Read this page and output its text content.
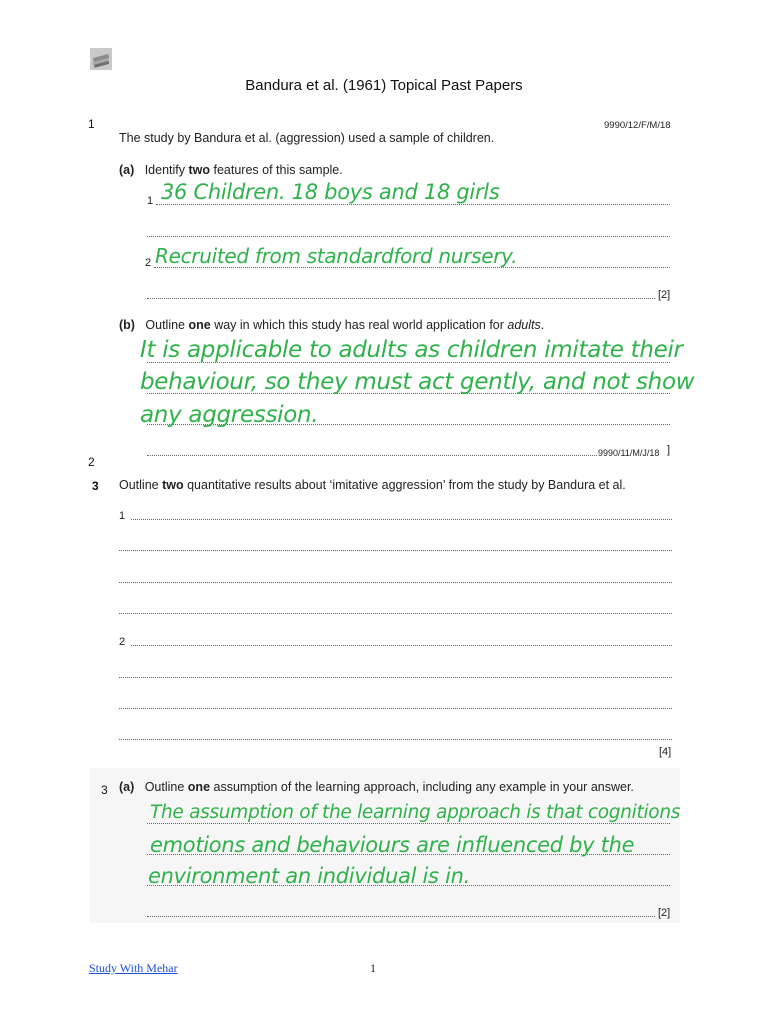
Bandura et al. (1961) Topical Past Papers
1	9990/12/F/M/18
The study by Bandura et al. (aggression) used a sample of children.
(a) Identify two features of this sample.
1 36 Children. 18 boys and 18 girls
2 Recruited from standardford nursery.
[2]
(b) Outline one way in which this study has real world application for adults.
It is applicable to adults as children imitate their
behaviour, so they must act gently, and not show
any aggression.
9990/11/M/J/18 ]
2
3 Outline two quantitative results about ‘imitative aggression’ from the study by Bandura et al.
1
2
[4]
3 (a) Outline one assumption of the learning approach, including any example in your answer.
The assumption of the learning approach is that cognitions
emotions and behaviours are influenced by the
environment an individual is in.
[2]
Study With Mehar	1
